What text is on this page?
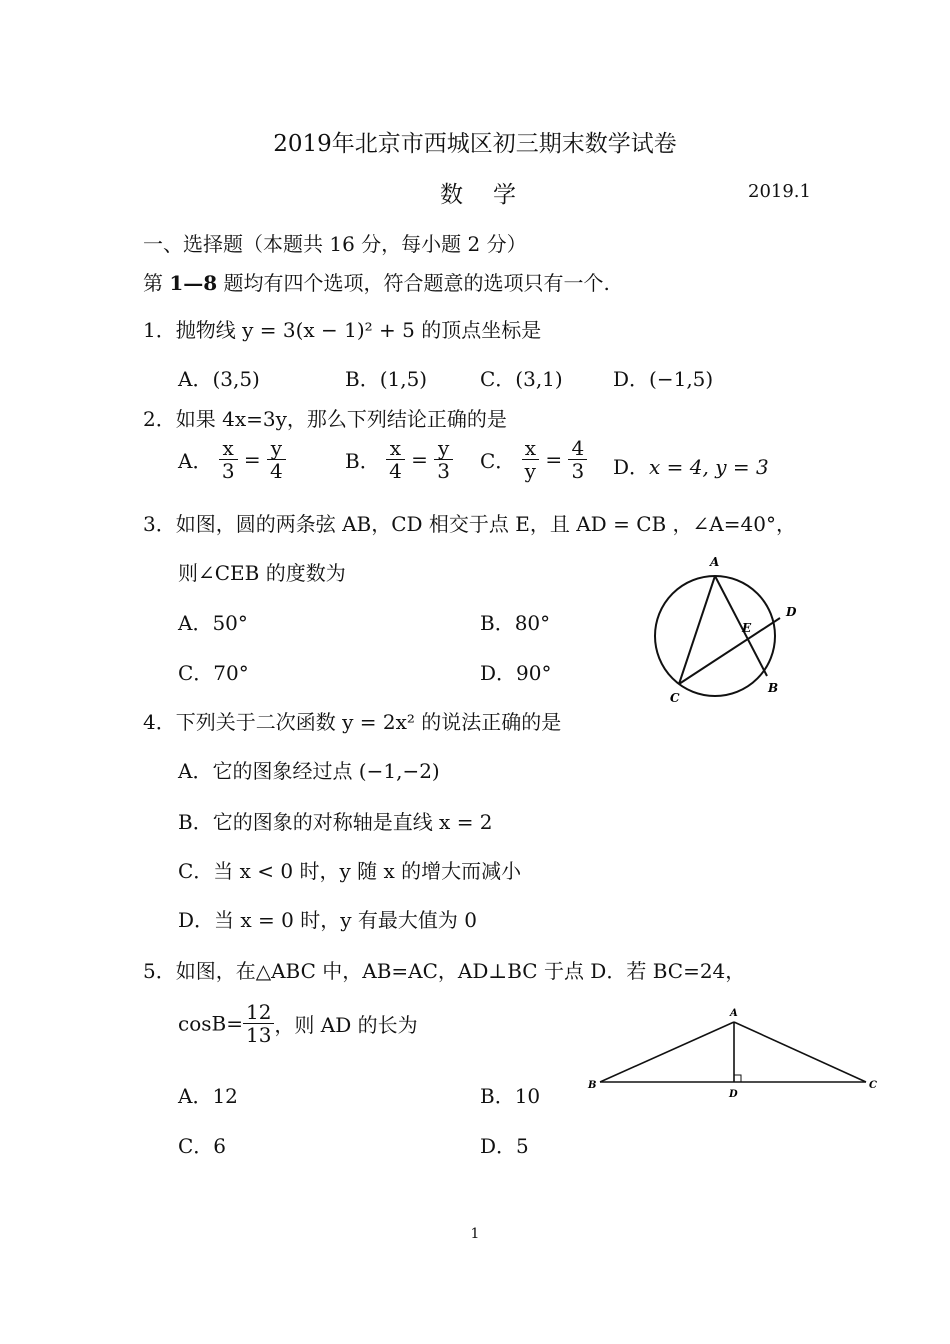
2019年北京市西城区初三期末数学试卷
数学	2019.1
一、选择题（本题共 16 分，每小题 2 分）
第 1—8 题均有四个选项，符合题意的选项只有一个.
1．抛物线 y = 3(x − 1)² + 5 的顶点坐标是
A．(3,5)	B．(1,5)	C．(3,1)	D．(−1,5)
2．如果 4x=3y，那么下列结论正确的是
A． $\frac{x}{3} = \frac{y}{4}$	B． $\frac{x}{4} = \frac{y}{3}$ C． $\frac{x}{y} = \frac{4}{3}$ D．x = 4, y = 3
3．如图，圆的两条弦 AB，CD 相交于点 E，且 AD = CB ，∠A=40°，
则∠CEB 的度数为
A．50°	B．80°
C．70°	D．90°
A
D
E
B
C
4．下列关于二次函数 y = 2x² 的说法正确的是
A．它的图象经过点 (−1,−2)
B．它的图象的对称轴是直线 x = 2
C．当 x < 0 时，y 随 x 的增大而减小
D．当 x = 0 时，y 有最大值为 0
5．如图，在△ABC 中，AB=AC，AD⊥BC 于点 D．若 BC=24，
$\cos B= \frac{12}{13}$ ，则 AD 的长为
A．12	B．10
C．6	D．5
A
B
D
C
1
